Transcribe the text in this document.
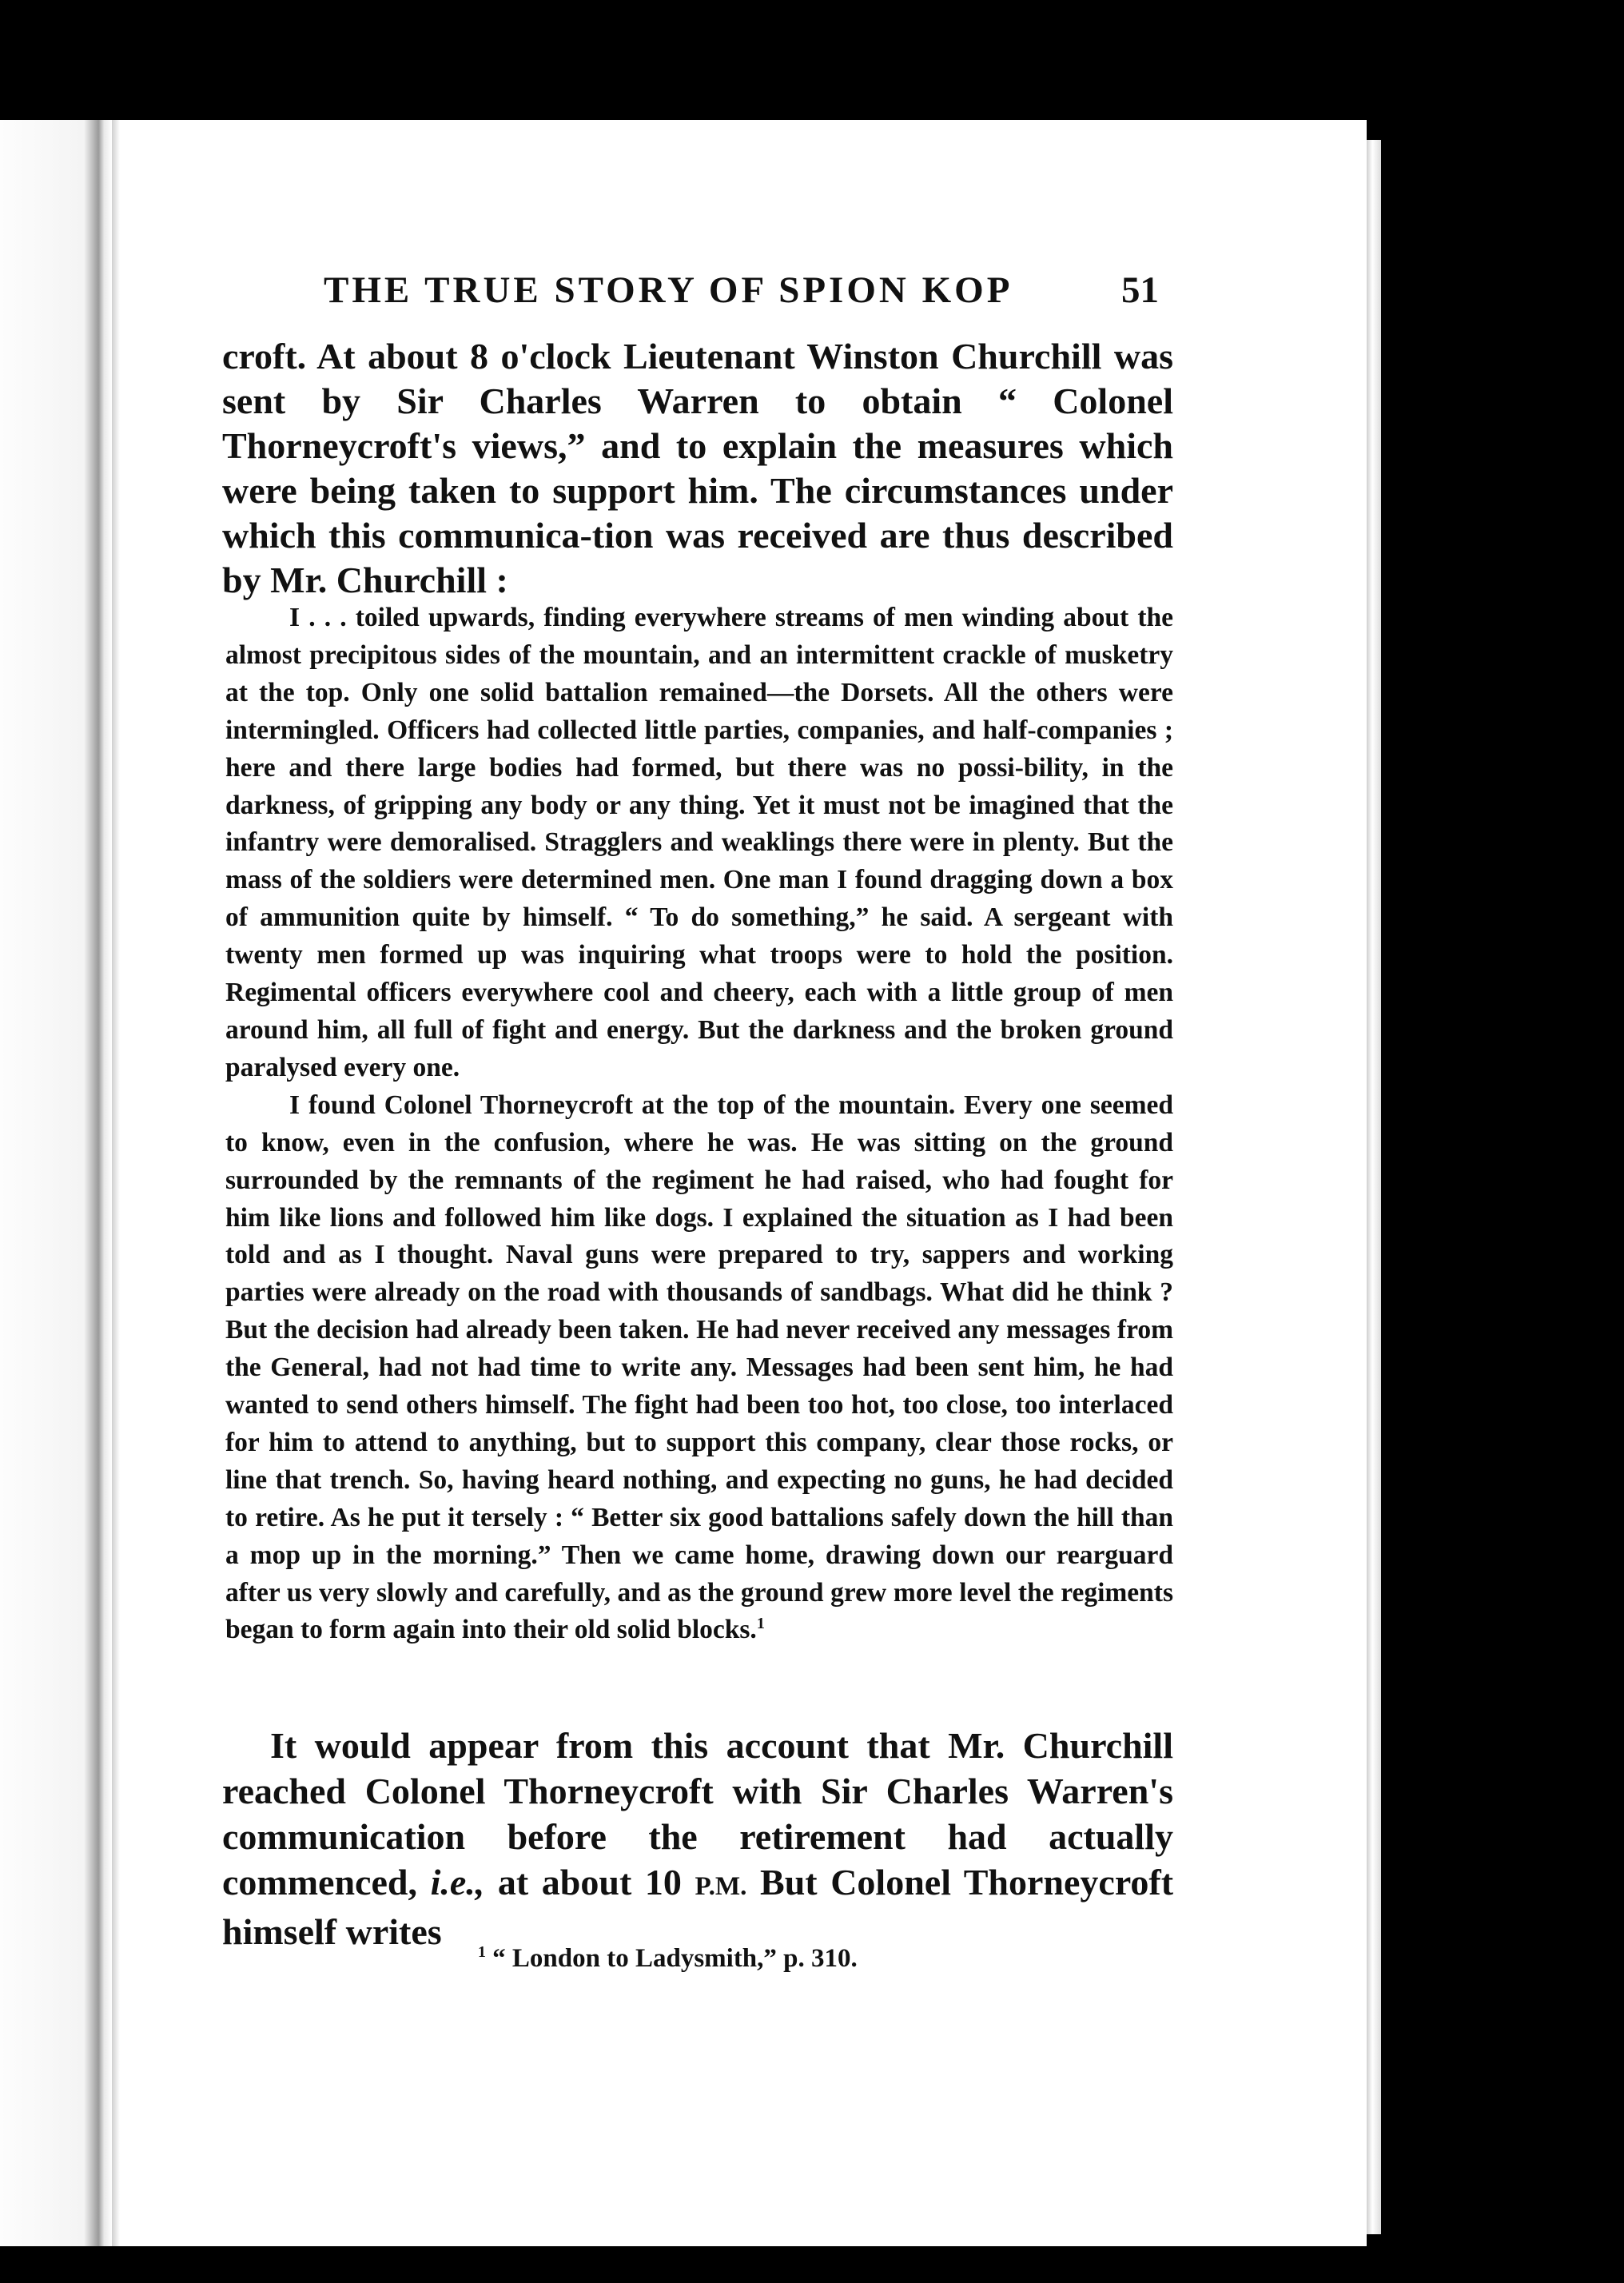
THE TRUE STORY OF SPION KOP	51

croft. At about 8 o'clock Lieutenant Winston Churchill was sent by Sir Charles Warren to obtain “ Colonel Thorneycroft's views,” and to explain the measures which were being taken to support him. The circumstances under which this communica-tion was received are thus described by Mr. Churchill :

I . . . toiled upwards, finding everywhere streams of men winding about the almost precipitous sides of the mountain, and an intermittent crackle of musketry at the top. Only one solid battalion remained—the Dorsets. All the others were intermingled. Officers had collected little parties, companies, and half-companies ; here and there large bodies had formed, but there was no possi-bility, in the darkness, of gripping any body or any thing. Yet it must not be imagined that the infantry were demoralised. Stragglers and weaklings there were in plenty. But the mass of the soldiers were determined men. One man I found dragging down a box of ammunition quite by himself. “ To do something,” he said. A sergeant with twenty men formed up was inquiring what troops were to hold the position. Regimental officers everywhere cool and cheery, each with a little group of men around him, all full of fight and energy. But the darkness and the broken ground paralysed every one.

I found Colonel Thorneycroft at the top of the mountain. Every one seemed to know, even in the confusion, where he was. He was sitting on the ground surrounded by the remnants of the regiment he had raised, who had fought for him like lions and followed him like dogs. I explained the situation as I had been told and as I thought. Naval guns were prepared to try, sappers and working parties were already on the road with thousands of sandbags. What did he think ? But the decision had already been taken. He had never received any messages from the General, had not had time to write any. Messages had been sent him, he had wanted to send others himself. The fight had been too hot, too close, too interlaced for him to attend to anything, but to support this company, clear those rocks, or line that trench. So, having heard nothing, and expecting no guns, he had decided to retire. As he put it tersely : “ Better six good battalions safely down the hill than a mop up in the morning.” Then we came home, drawing down our rearguard after us very slowly and carefully, and as the ground grew more level the regiments began to form again into their old solid blocks.$^1$

It would appear from this account that Mr. Churchill reached Colonel Thorneycroft with Sir Charles Warren's communication before the retirement had actually commenced, i.e., at about 10 P.M. But Colonel Thorneycroft himself writes	$^1$ “ London to Ladysmith,” p. 310.
